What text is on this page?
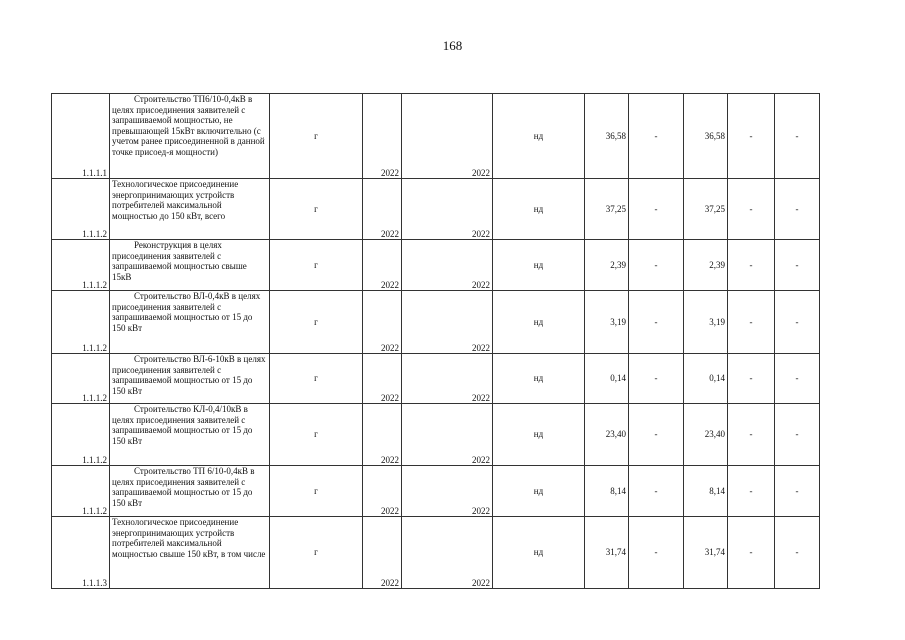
168
1.1.1.1	Строительство ТП6/10-0,4кВ в целях присоединения заявителей с запрашиваемой мощностью, не превышающей 15кВт включительно (с учетом ранее присоединенной в данной точке присоед-я мощности)	г	2022	2022	нд	36,58	-	36,58	-	-
1.1.1.2	Технологическое присоединение энергопринимающих устройств потребителей максимальной мощностью до 150 кВт, всего	г	2022	2022	нд	37,25	-	37,25	-	-
1.1.1.2	Реконструкция в целях присоединения заявителей с запрашиваемой мощностью свыше 15кВ	г	2022	2022	нд	2,39	-	2,39	-	-
1.1.1.2	Строительство ВЛ-0,4кВ в целях присоединения заявителей с запрашиваемой мощностью от 15 до 150 кВт	г	2022	2022	нд	3,19	-	3,19	-	-
1.1.1.2	Строительство ВЛ-6-10кВ в целях присоединения заявителей с запрашиваемой мощностью от 15 до 150 кВт	г	2022	2022	нд	0,14	-	0,14	-	-
1.1.1.2	Строительство КЛ-0,4/10кВ в целях присоединения заявителей с запрашиваемой мощностью от 15 до 150 кВт	г	2022	2022	нд	23,40	-	23,40	-	-
1.1.1.2	Строительство ТП 6/10-0,4кВ в целях присоединения заявителей с запрашиваемой мощностью от 15 до 150 кВт	г	2022	2022	нд	8,14	-	8,14	-	-
1.1.1.3	Технологическое присоединение энергопринимающих устройств потребителей максимальной мощностью свыше 150 кВт, в том числе	г	2022	2022	нд	31,74	-	31,74	-	-
